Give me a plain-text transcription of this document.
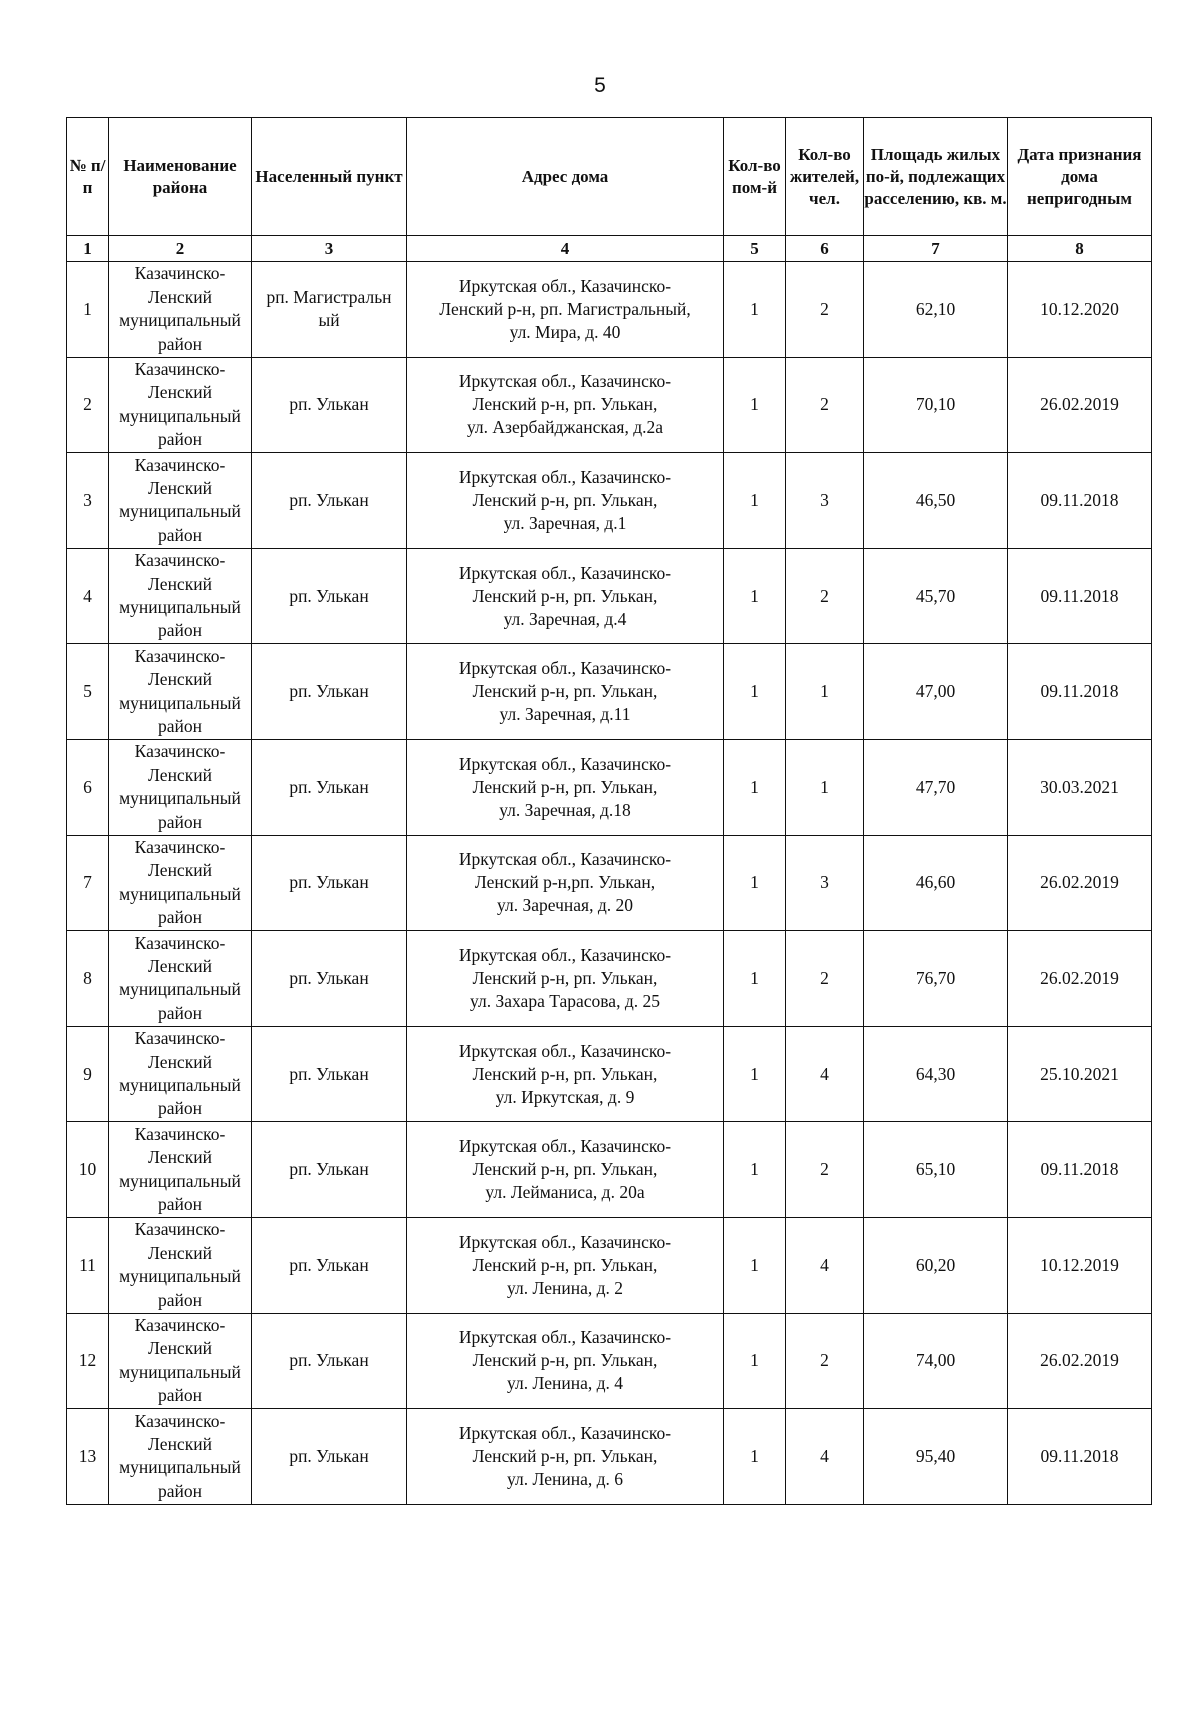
5
№ п/п	Наименование района	Населенный пункт	Адрес дома	Кол-во пом-й	Кол-во жителей, чел.	Площадь жилых по-й, подлежащих расселению, кв. м.	Дата признания дома непригодным
1	2	3	4	5	6	7	8
1	Казачинско-
Ленский
муниципальный
район	рп. Магистральн
ый	Иркутская обл., Казачинско-
Ленский р-н, рп. Магистральный,
ул. Мира, д. 40	1	2	62,10	10.12.2020
2	Казачинско-
Ленский
муниципальный
район	рп. Улькан	Иркутская обл., Казачинско-
Ленский р-н, рп. Улькан,
ул. Азербайджанская, д.2а	1	2	70,10	26.02.2019
3	Казачинско-
Ленский
муниципальный
район	рп. Улькан	Иркутская обл., Казачинско-
Ленский р-н, рп. Улькан,
ул. Заречная, д.1	1	3	46,50	09.11.2018
4	Казачинско-
Ленский
муниципальный
район	рп. Улькан	Иркутская обл., Казачинско-
Ленский р-н, рп. Улькан,
ул. Заречная, д.4	1	2	45,70	09.11.2018
5	Казачинско-
Ленский
муниципальный
район	рп. Улькан	Иркутская обл., Казачинско-
Ленский р-н, рп. Улькан,
ул. Заречная, д.11	1	1	47,00	09.11.2018
6	Казачинско-
Ленский
муниципальный
район	рп. Улькан	Иркутская обл., Казачинско-
Ленский р-н, рп. Улькан,
ул. Заречная, д.18	1	1	47,70	30.03.2021
7	Казачинско-
Ленский
муниципальный
район	рп. Улькан	Иркутская обл., Казачинско-
Ленский р-н,рп. Улькан,
ул. Заречная, д. 20	1	3	46,60	26.02.2019
8	Казачинско-
Ленский
муниципальный
район	рп. Улькан	Иркутская обл., Казачинско-
Ленский р-н, рп. Улькан,
ул. Захара Тарасова, д. 25	1	2	76,70	26.02.2019
9	Казачинско-
Ленский
муниципальный
район	рп. Улькан	Иркутская обл., Казачинско-
Ленский р-н, рп. Улькан,
ул. Иркутская, д. 9	1	4	64,30	25.10.2021
10	Казачинско-
Ленский
муниципальный
район	рп. Улькан	Иркутская обл., Казачинско-
Ленский р-н, рп. Улькан,
ул. Лейманиса, д. 20а	1	2	65,10	09.11.2018
11	Казачинско-
Ленский
муниципальный
район	рп. Улькан	Иркутская обл., Казачинско-
Ленский р-н, рп. Улькан,
ул. Ленина, д. 2	1	4	60,20	10.12.2019
12	Казачинско-
Ленский
муниципальный
район	рп. Улькан	Иркутская обл., Казачинско-
Ленский р-н, рп. Улькан,
ул. Ленина, д. 4	1	2	74,00	26.02.2019
13	Казачинско-
Ленский
муниципальный
район	рп. Улькан	Иркутская обл., Казачинско-
Ленский р-н, рп. Улькан,
ул. Ленина, д. 6	1	4	95,40	09.11.2018
